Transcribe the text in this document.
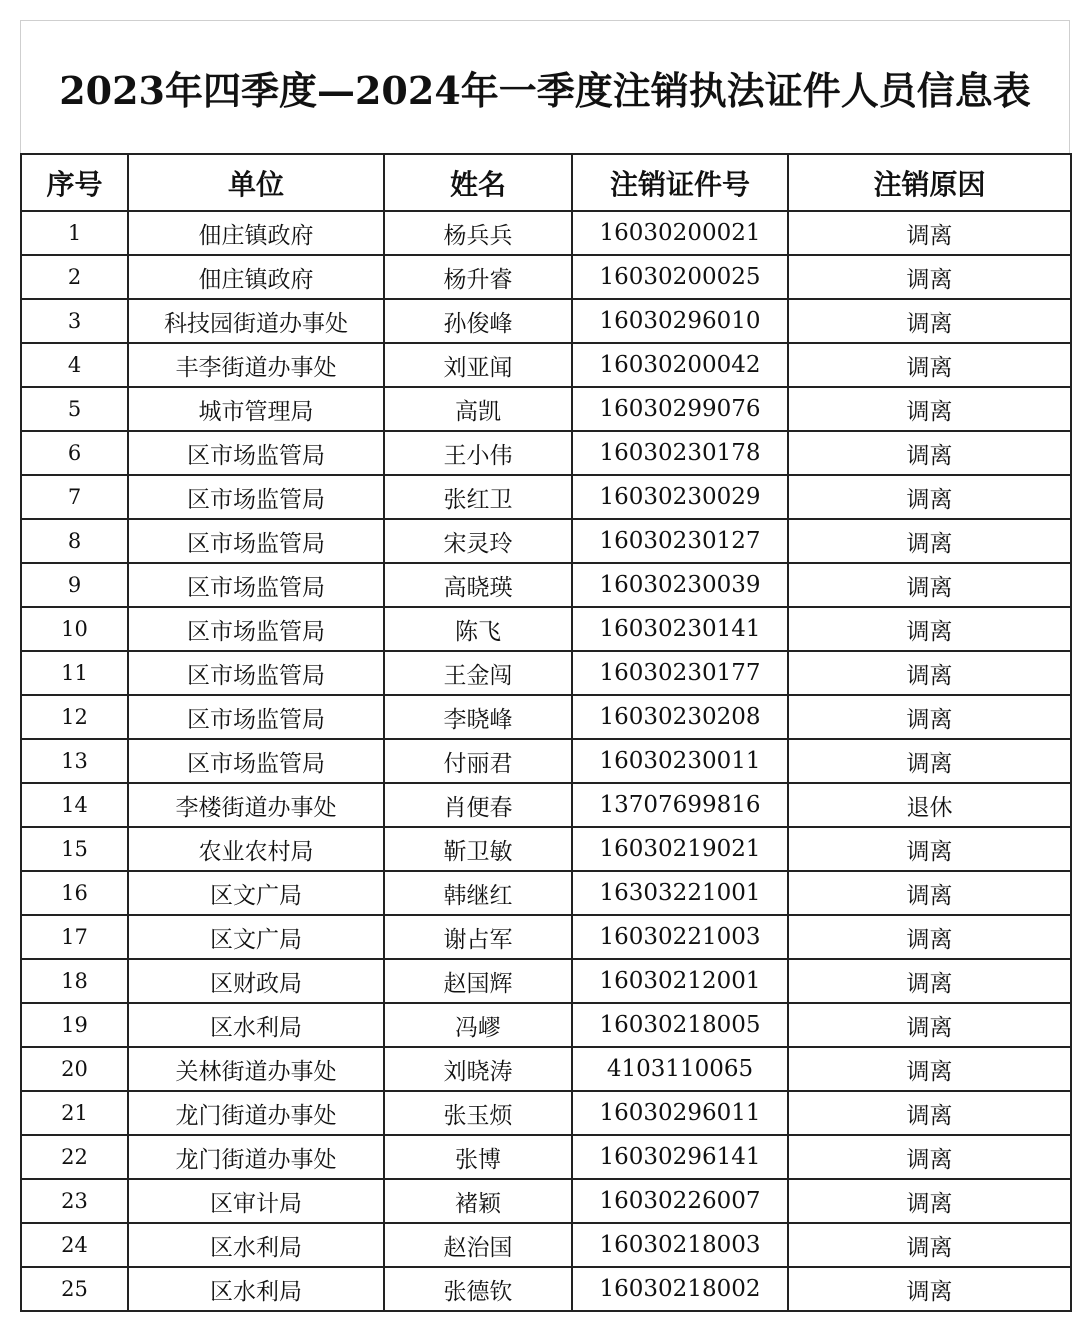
2023年四季度—2024年一季度注销执法证件人员信息表
序号	单位	姓名	注销证件号	注销原因
1	佃庄镇政府	杨兵兵	16030200021	调离
2	佃庄镇政府	杨升睿	16030200025	调离
3	科技园街道办事处	孙俊峰	16030296010	调离
4	丰李街道办事处	刘亚闻	16030200042	调离
5	城市管理局	高凯	16030299076	调离
6	区市场监管局	王小伟	16030230178	调离
7	区市场监管局	张红卫	16030230029	调离
8	区市场监管局	宋灵玲	16030230127	调离
9	区市场监管局	高晓瑛	16030230039	调离
10	区市场监管局	陈飞	16030230141	调离
11	区市场监管局	王金闯	16030230177	调离
12	区市场监管局	李晓峰	16030230208	调离
13	区市场监管局	付丽君	16030230011	调离
14	李楼街道办事处	肖便春	13707699816	退休
15	农业农村局	靳卫敏	16030219021	调离
16	区文广局	韩继红	16303221001	调离
17	区文广局	谢占军	16030221003	调离
18	区财政局	赵国辉	16030212001	调离
19	区水利局	冯嵺	16030218005	调离
20	关林街道办事处	刘晓涛	4103110065	调离
21	龙门街道办事处	张玉烦	16030296011	调离
22	龙门街道办事处	张博	16030296141	调离
23	区审计局	褚颖	16030226007	调离
24	区水利局	赵治国	16030218003	调离
25	区水利局	张德钦	16030218002	调离
